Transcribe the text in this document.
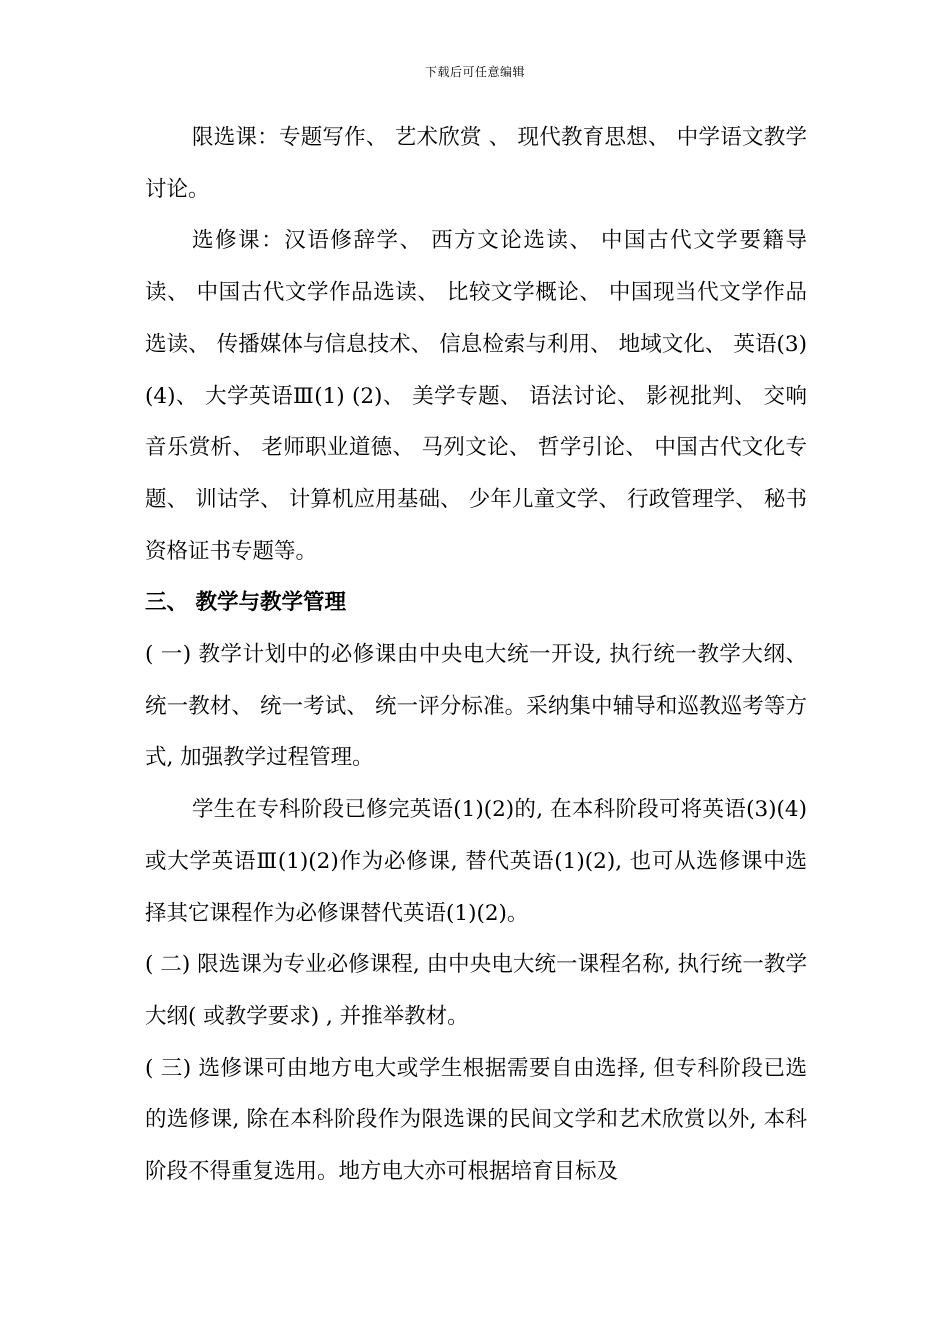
下载后可任意编辑

限选课：专题写作、 艺术欣赏 、 现代教育思想、 中学语文教学讨论。

选修课：汉语修辞学、 西方文论选读、 中国古代文学要籍导读、 中国古代文学作品选读、 比较文学概论、 中国现当代文学作品选读、 传播媒体与信息技术、 信息检索与利用、 地域文化、 英语(3) (4)、 大学英语Ⅲ(1) (2)、 美学专题、 语法讨论、 影视批判、 交响音乐赏析、 老师职业道德、 马列文论、 哲学引论、 中国古代文化专题、 训诂学、 计算机应用基础、 少年儿童文学、 行政管理学、 秘书资格证书专题等。

三、 教学与教学管理

( 一) 教学计划中的必修课由中央电大统一开设, 执行统一教学大纲、 统一教材、 统一考试、 统一评分标准。采纳集中辅导和巡教巡考等方式, 加强教学过程管理。

学生在专科阶段已修完英语(1)(2)的, 在本科阶段可将英语(3)(4)或大学英语Ⅲ(1)(2)作为必修课, 替代英语(1)(2), 也可从选修课中选择其它课程作为必修课替代英语(1)(2)。

( 二) 限选课为专业必修课程, 由中央电大统一课程名称, 执行统一教学大纲( 或教学要求) , 并推举教材。

( 三) 选修课可由地方电大或学生根据需要自由选择, 但专科阶段已选的选修课, 除在本科阶段作为限选课的民间文学和艺术欣赏以外, 本科阶段不得重复选用。地方电大亦可根据培育目标及
